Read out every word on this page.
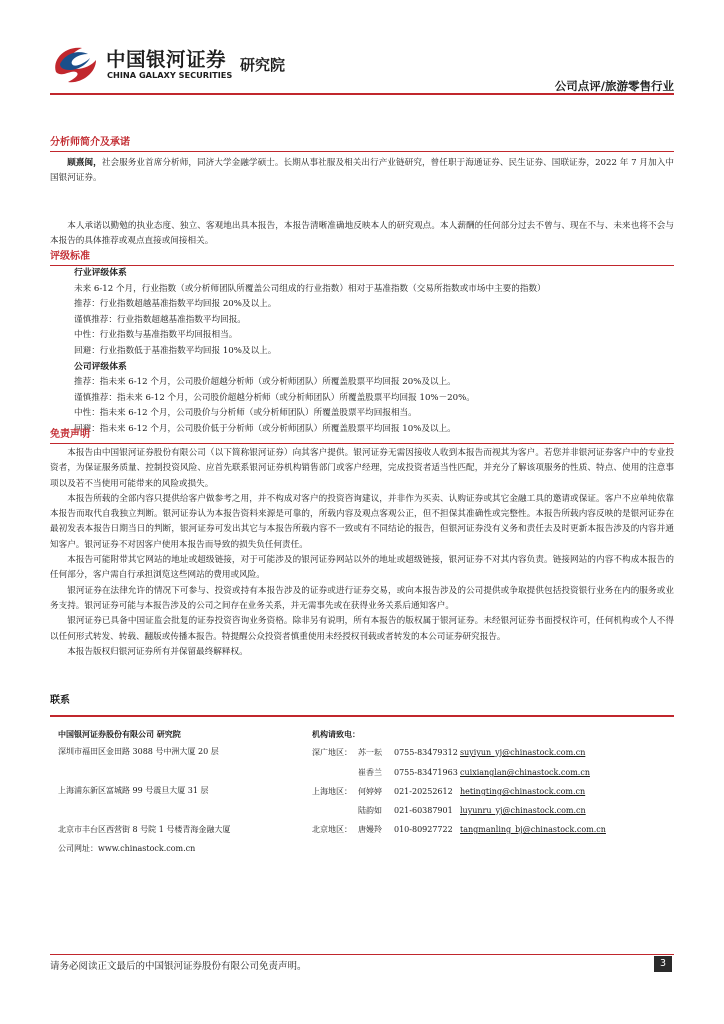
中国银河证券
CHINA GALAXY SECURITIES
研究院
公司点评/旅游零售行业
分析师简介及承诺
顾熹闽，社会服务业首席分析师，同济大学金融学硕士。长期从事社服及相关出行产业链研究，曾任职于海通证券、民生证券、国联证券，2022 年 7 月加入中国银河证券。
本人承诺以勤勉的执业态度、独立、客观地出具本报告，本报告清晰准确地反映本人的研究观点。本人薪酬的任何部分过去不曾与、现在不与、未来也将不会与本报告的具体推荐或观点直接或间接相关。
评级标准
行业评级体系
未来 6-12 个月，行业指数（或分析师团队所覆盖公司组成的行业指数）相对于基准指数（交易所指数或市场中主要的指数）
推荐：行业指数超越基准指数平均回报 20%及以上。
谨慎推荐：行业指数超越基准指数平均回报。
中性：行业指数与基准指数平均回报相当。
回避：行业指数低于基准指数平均回报 10%及以上。
公司评级体系
推荐：指未来 6-12 个月，公司股价超越分析师（或分析师团队）所覆盖股票平均回报 20%及以上。
谨慎推荐：指未来 6-12 个月，公司股价超越分析师（或分析师团队）所覆盖股票平均回报 10%－20%。
中性：指未来 6-12 个月，公司股价与分析师（或分析师团队）所覆盖股票平均回报相当。
回避：指未来 6-12 个月，公司股价低于分析师（或分析师团队）所覆盖股票平均回报 10%及以上。
免责声明
本报告由中国银河证券股份有限公司（以下简称银河证券）向其客户提供。银河证券无需因接收人收到本报告而视其为客户。若您并非银河证券客户中的专业投资者，为保证服务质量、控制投资风险、应首先联系银河证券机构销售部门或客户经理，完成投资者适当性匹配，并充分了解该项服务的性质、特点、使用的注意事项以及若不当使用可能带来的风险或损失。
本报告所载的全部内容只提供给客户做参考之用，并不构成对客户的投资咨询建议，并非作为买卖、认购证券或其它金融工具的邀请或保证。客户不应单纯依靠本报告而取代自我独立判断。银河证券认为本报告资料来源是可靠的，所载内容及观点客观公正，但不担保其准确性或完整性。本报告所载内容反映的是银河证券在最初发表本报告日期当日的判断，银河证券可发出其它与本报告所载内容不一致或有不同结论的报告，但银河证券没有义务和责任去及时更新本报告涉及的内容并通知客户。银河证券不对因客户使用本报告而导致的损失负任何责任。
本报告可能附带其它网站的地址或超级链接，对于可能涉及的银河证券网站以外的地址或超级链接，银河证券不对其内容负责。链接网站的内容不构成本报告的任何部分，客户需自行承担浏览这些网站的费用或风险。
银河证券在法律允许的情况下可参与、投资或持有本报告涉及的证券或进行证券交易，或向本报告涉及的公司提供或争取提供包括投资银行业务在内的服务或业务支持。银河证券可能与本报告涉及的公司之间存在业务关系，并无需事先或在获得业务关系后通知客户。
银河证券已具备中国证监会批复的证券投资咨询业务资格。除非另有说明，所有本报告的版权属于银河证券。未经银河证券书面授权许可，任何机构或个人不得以任何形式转发、转载、翻版或传播本报告。特提醒公众投资者慎重使用未经授权刊载或者转发的本公司证券研究报告。
本报告版权归银河证券所有并保留最终解释权。
联系
中国银河证券股份有限公司 研究院
深圳市福田区金田路 3088 号中洲大厦 20 层
上海浦东新区富城路 99 号震旦大厦 31 层
北京市丰台区西营街 8 号院 1 号楼青海金融大厦
公司网址：www.chinastock.com.cn
机构请致电：
深广地区： 苏一耘 0755-83479312 suyiyun_yj@chinastock.com.cn
崔香兰 0755-83471963 cuixianglan@chinastock.com.cn
上海地区： 何婷婷 021-20252612 hetingting@chinastock.com.cn
陆韵如 021-60387901 luyunru_yj@chinastock.com.cn
北京地区： 唐嫚羚 010-80927722 tangmanling_bj@chinastock.com.cn
请务必阅读正文最后的中国银河证券股份有限公司免责声明。	3
